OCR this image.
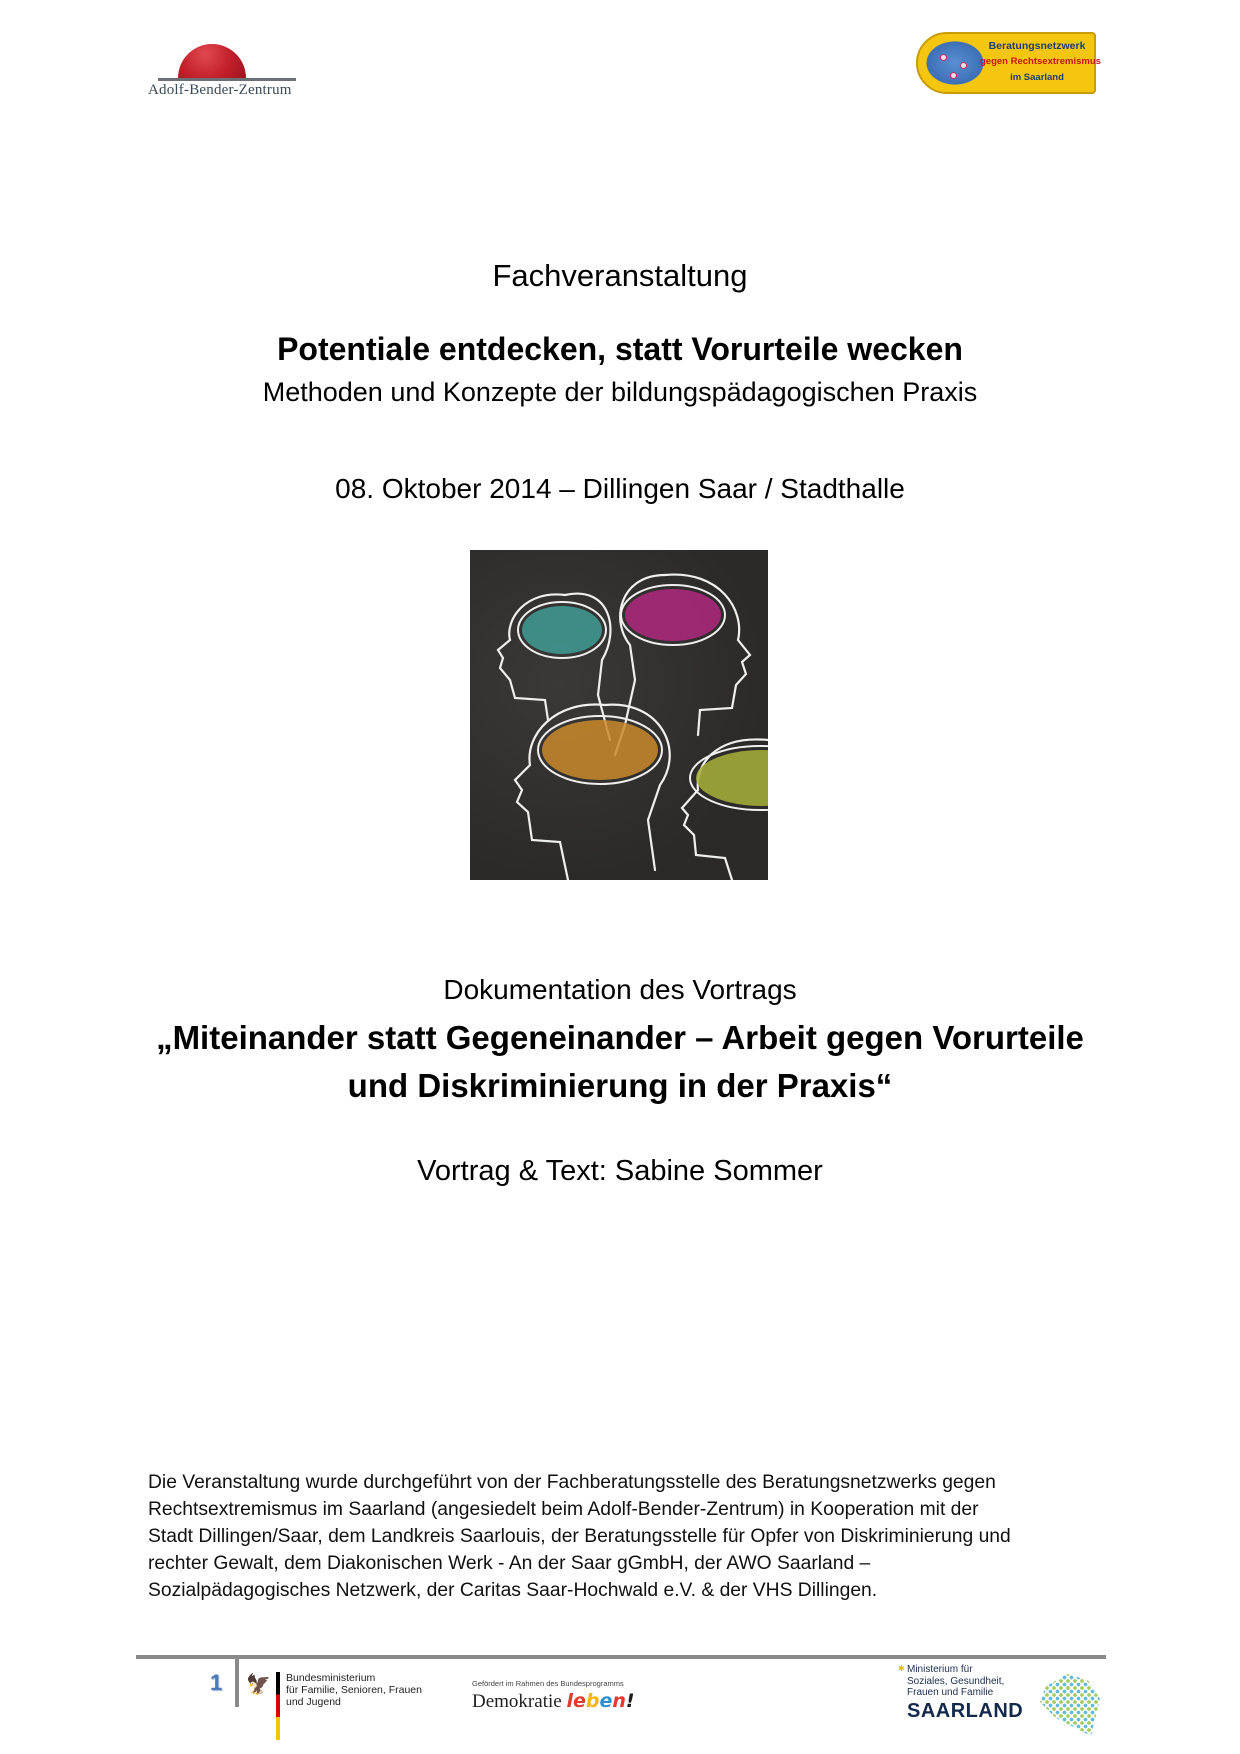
Adolf-Bender-Zentrum
Beratungsnetzwerk
gegen Rechtsextremismus
im Saarland
Fachveranstaltung
Potentiale entdecken, statt Vorurteile wecken
Methoden und Konzepte der bildungspädagogischen Praxis
08. Oktober 2014 – Dillingen Saar / Stadthalle
Dokumentation des Vortrags
„Miteinander statt Gegeneinander – Arbeit gegen Vorurteile
und Diskriminierung in der Praxis“
Vortrag & Text: Sabine Sommer
Die Veranstaltung wurde durchgeführt von der Fachberatungsstelle des Beratungsnetzwerks gegen
Rechtsextremismus im Saarland (angesiedelt beim Adolf-Bender-Zentrum) in Kooperation mit der
Stadt Dillingen/Saar, dem Landkreis Saarlouis, der Beratungsstelle für Opfer von Diskriminierung und
rechter Gewalt, dem Diakonischen Werk - An der Saar gGmbH, der AWO Saarland –
Sozialpädagogisches Netzwerk, der Caritas Saar-Hochwald e.V. & der VHS Dillingen.
1 🦅 Bundesministerium
für Familie, Senioren, Frauen
und Jugend
Gefördert im Rahmen des Bundesprogramms
Demokratie leben!
✱ Ministerium für
Soziales, Gesundheit,
Frauen und Familie
SAARLAND
